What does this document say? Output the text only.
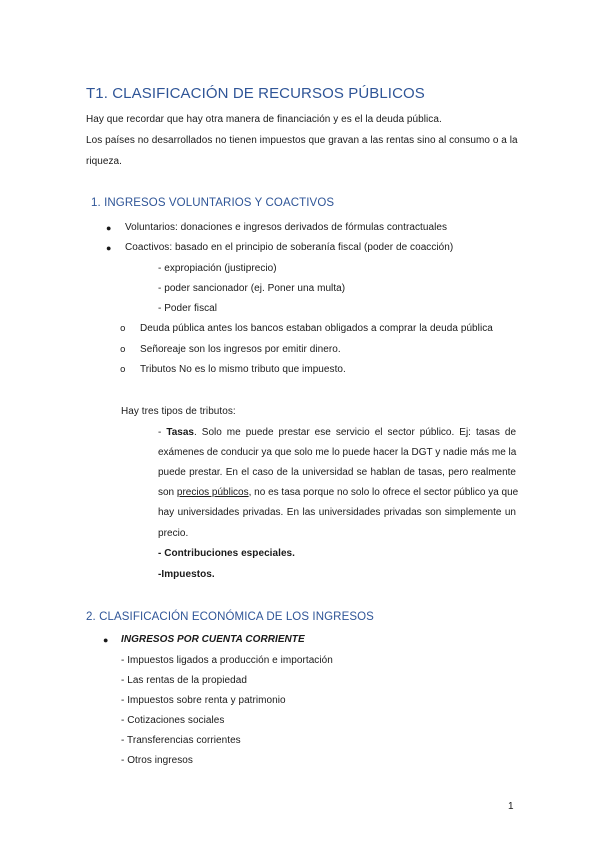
T1. CLASIFICACIÓN DE RECURSOS PÚBLICOS
Hay que recordar que hay otra manera de financiación y es el la deuda pública.
Los países no desarrollados no tienen impuestos que gravan a las rentas sino al consumo o a la
riqueza.
1. INGRESOS VOLUNTARIOS Y COACTIVOS
● Voluntarios: donaciones e ingresos derivados de fórmulas contractuales
● Coactivos: basado en el principio de soberanía fiscal (poder de coacción)
- expropiación (justiprecio)
- poder sancionador (ej. Poner una multa)
- Poder fiscal
o Deuda pública antes los bancos estaban obligados a comprar la deuda pública
o Señoreaje son los ingresos por emitir dinero.
o Tributos No es lo mismo tributo que impuesto.
Hay tres tipos de tributos:
- Tasas. Solo me puede prestar ese servicio el sector público. Ej: tasas de
exámenes de conducir ya que solo me lo puede hacer la DGT y nadie más me la
puede prestar. En el caso de la universidad se hablan de tasas, pero realmente
son precios públicos, no es tasa porque no solo lo ofrece el sector público ya que
hay universidades privadas. En las universidades privadas son simplemente un
precio.
- Contribuciones especiales.
-Impuestos.
2. CLASIFICACIÓN ECONÓMICA DE LOS INGRESOS
● INGRESOS POR CUENTA CORRIENTE
- Impuestos ligados a producción e importación
- Las rentas de la propiedad
- Impuestos sobre renta y patrimonio
- Cotizaciones sociales
- Transferencias corrientes
- Otros ingresos
1
